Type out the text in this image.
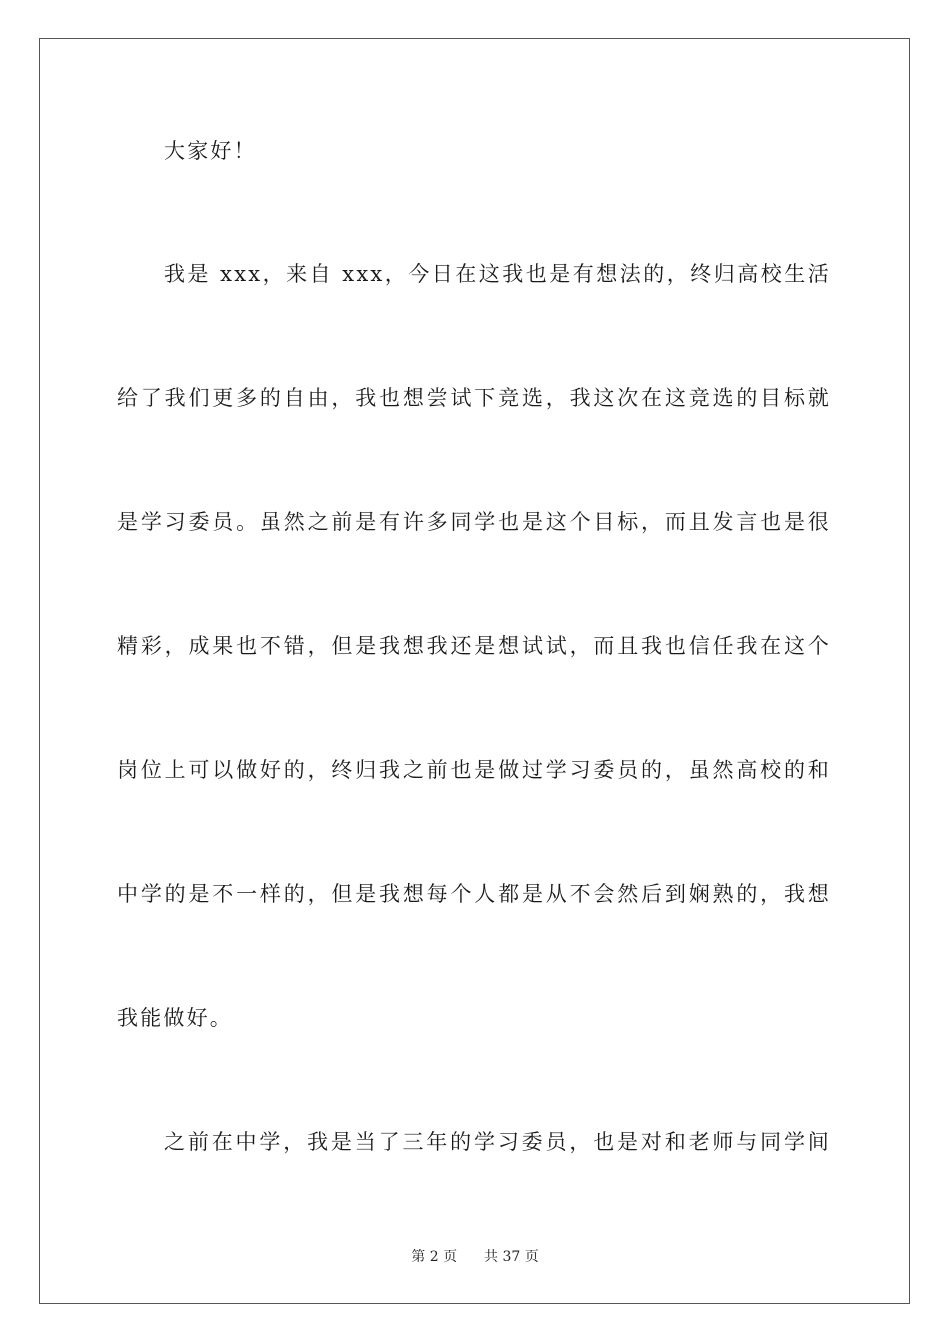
大家好！
我是 xxx，来自 xxx，今日在这我也是有想法的，终归高校生活
给了我们更多的自由，我也想尝试下竞选，我这次在这竞选的目标就
是学习委员。虽然之前是有许多同学也是这个目标，而且发言也是很
精彩，成果也不错，但是我想我还是想试试，而且我也信任我在这个
岗位上可以做好的，终归我之前也是做过学习委员的，虽然高校的和
中学的是不一样的，但是我想每个人都是从不会然后到娴熟的，我想
我能做好。
之前在中学，我是当了三年的学习委员，也是对和老师与同学间
第 2 页 共 37 页
